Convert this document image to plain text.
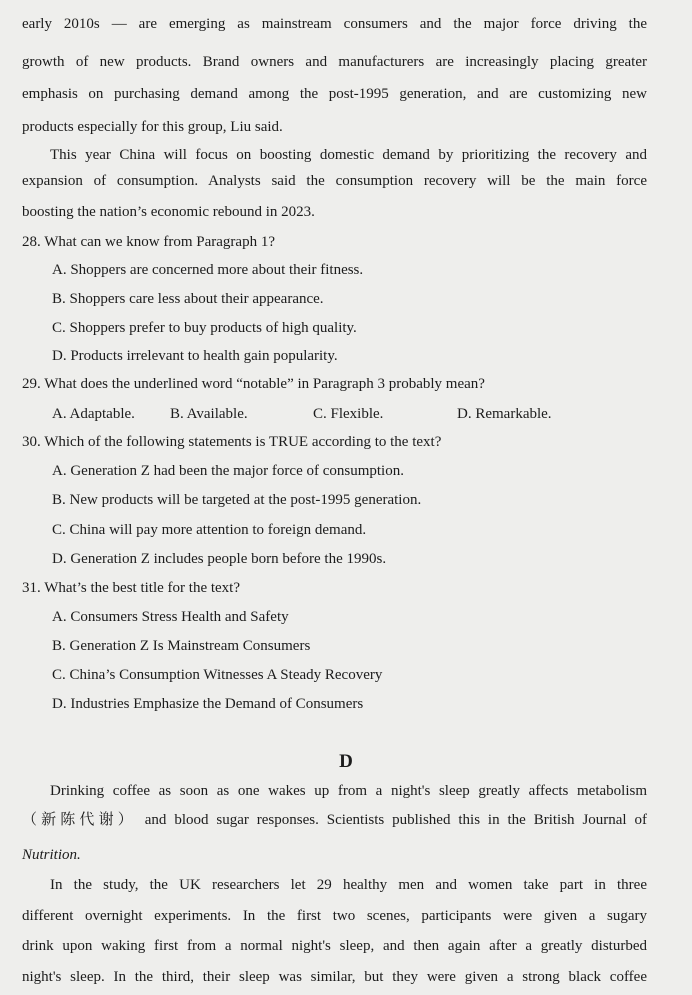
early 2010s — are emerging as mainstream consumers and the major force driving the
growth of new products. Brand owners and manufacturers are increasingly placing greater
emphasis on purchasing demand among the post-1995 generation, and are customizing new
products especially for this group, Liu said.
This year China will focus on boosting domestic demand by prioritizing the recovery and
expansion of consumption. Analysts said the consumption recovery will be the main force
boosting the nation’s economic rebound in 2023.
28. What can we know from Paragraph 1?
A. Shoppers are concerned more about their fitness.
B. Shoppers care less about their appearance.
C. Shoppers prefer to buy products of high quality.
D. Products irrelevant to health gain popularity.
29. What does the underlined word “notable” in Paragraph 3 probably mean?
A. Adaptable. B. Available.	C. Flexible.	D. Remarkable.
30. Which of the following statements is TRUE according to the text?
A. Generation Z had been the major force of consumption.
B. New products will be targeted at the post-1995 generation.
C. China will pay more attention to foreign demand.
D. Generation Z includes people born before the 1990s.
31. What’s the best title for the text?
A. Consumers Stress Health and Safety
B. Generation Z Is Mainstream Consumers
C. China’s Consumption Witnesses A Steady Recovery
D. Industries Emphasize the Demand of Consumers
D
Drinking coffee as soon as one wakes up from a night's sleep greatly affects metabolism
（新陈代谢） and blood sugar responses. Scientists published this in the British Journal of
Nutrition.
In the study, the UK researchers let 29 healthy men and women take part in three
different overnight experiments. In the first two scenes, participants were given a sugary
drink upon waking first from a normal night's sleep, and then again after a greatly disturbed
night's sleep. In the third, their sleep was similar, but they were given a strong black coffee
